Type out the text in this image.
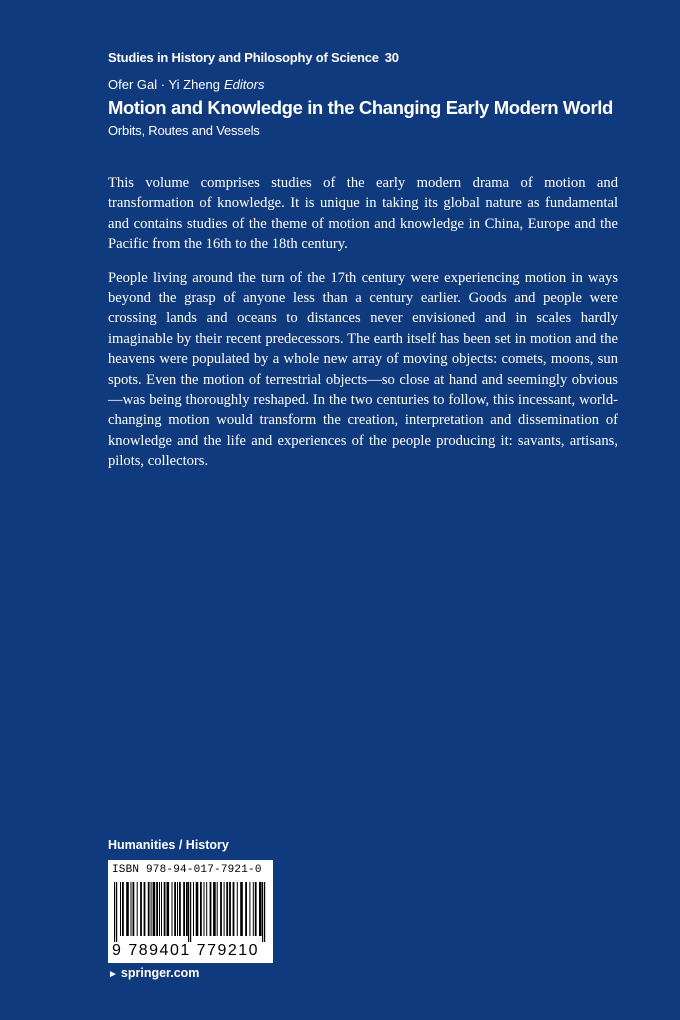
Studies in History and Philosophy of Science 30
Ofer Gal · Yi Zheng Editors
Motion and Knowledge in the Changing Early Modern World
Orbits, Routes and Vessels

This volume comprises studies of the early modern drama of motion and transformation of knowledge. It is unique in taking its global nature as fundamental and contains studies of the theme of motion and knowledge in China, Europe and the Pacific from the 16th to the 18th century.

People living around the turn of the 17th century were experiencing motion in ways beyond the grasp of anyone less than a century earlier. Goods and people were crossing lands and oceans to distances never envisioned and in scales hardly imaginable by their recent predecessors. The earth itself has been set in motion and the heavens were populated by a whole new array of moving objects: comets, moons, sun spots. Even the motion of terrestrial objects—so close at hand and seemingly obvious—was being thoroughly reshaped. In the two centuries to follow, this incessant, world-changing motion would transform the creation, interpretation and dissemination of knowledge and the life and experiences of the people producing it: savants, artisans, pilots, collectors.

Humanities / History
ISBN 978-94-017-7921-0
9 789401 779210
► springer.com
